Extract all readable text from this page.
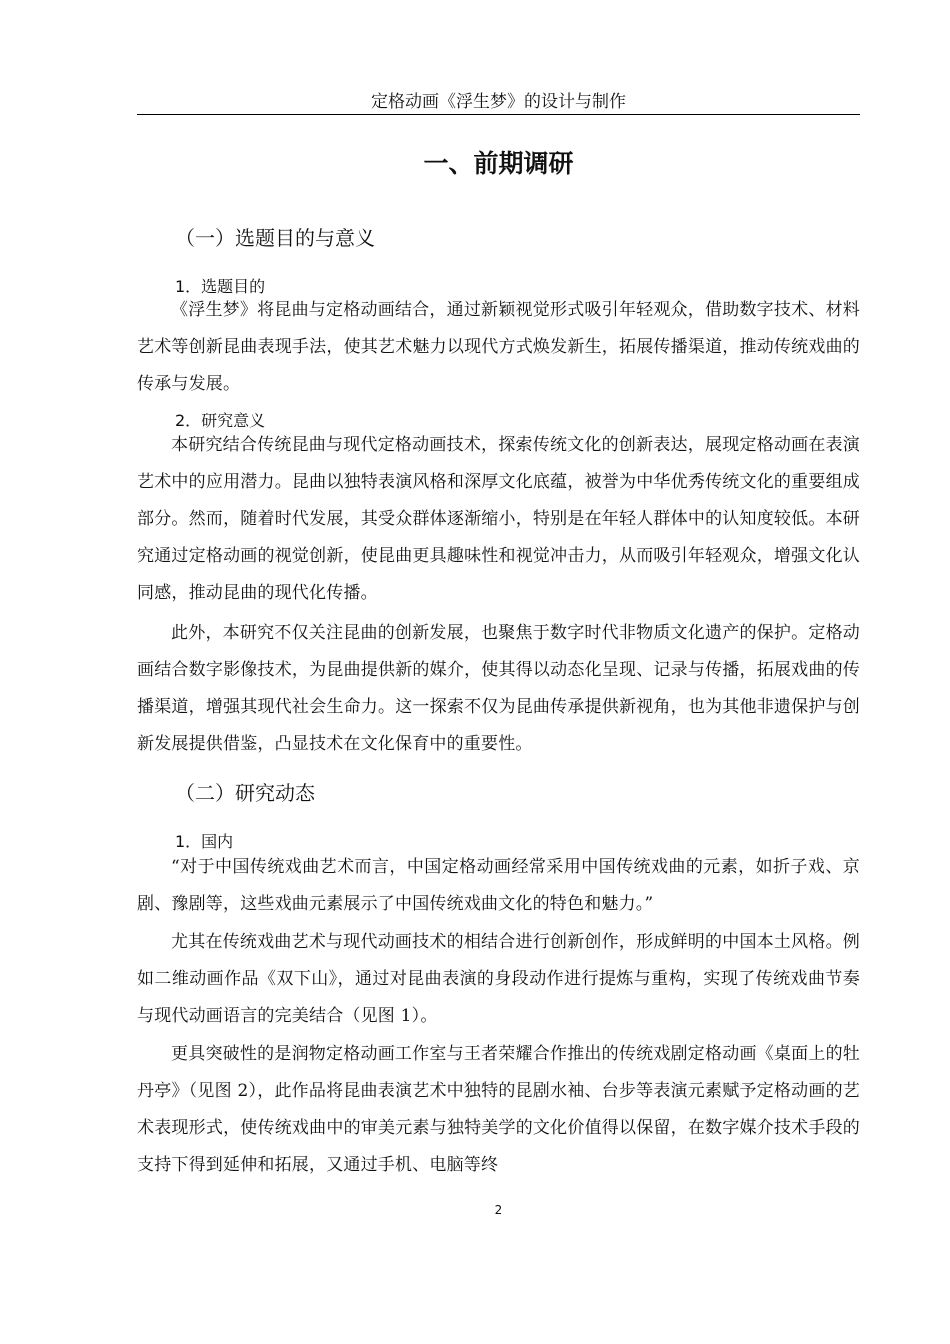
定格动画《浮生梦》的设计与制作
一、前期调研
（一）选题目的与意义
1．选题目的

《浮生梦》将昆曲与定格动画结合，通过新颖视觉形式吸引年轻观众，借助数字技术、材料艺术等创新昆曲表现手法，使其艺术魅力以现代方式焕发新生，拓展传播渠道，推动传统戏曲的传承与发展。

2．研究意义

本研究结合传统昆曲与现代定格动画技术，探索传统文化的创新表达，展现定格动画在表演艺术中的应用潜力。昆曲以独特表演风格和深厚文化底蕴，被誉为中华优秀传统文化的重要组成部分。然而，随着时代发展，其受众群体逐渐缩小，特别是在年轻人群体中的认知度较低。本研究通过定格动画的视觉创新，使昆曲更具趣味性和视觉冲击力，从而吸引年轻观众，增强文化认同感，推动昆曲的现代化传播。

此外，本研究不仅关注昆曲的创新发展，也聚焦于数字时代非物质文化遗产的保护。定格动画结合数字影像技术，为昆曲提供新的媒介，使其得以动态化呈现、记录与传播，拓展戏曲的传播渠道，增强其现代社会生命力。这一探索不仅为昆曲传承提供新视角，也为其他非遗保护与创新发展提供借鉴，凸显技术在文化保育中的重要性。

（二）研究动态
1．国内

“对于中国传统戏曲艺术而言，中国定格动画经常采用中国传统戏曲的元素，如折子戏、京剧、豫剧等，这些戏曲元素展示了中国传统戏曲文化的特色和魅力。”

尤其在传统戏曲艺术与现代动画技术的相结合进行创新创作，形成鲜明的中国本土风格。例如二维动画作品《双下山》，通过对昆曲表演的身段动作进行提炼与重构，实现了传统戏曲节奏与现代动画语言的完美结合（见图 1）。

更具突破性的是润物定格动画工作室与王者荣耀合作推出的传统戏剧定格动画《桌面上的牡丹亭》（见图 2），此作品将昆曲表演艺术中独特的昆剧水袖、台步等表演元素赋予定格动画的艺术表现形式，使传统戏曲中的审美元素与独特美学的文化价值得以保留，在数字媒介技术手段的支持下得到延伸和拓展，又通过手机、电脑等终

2
